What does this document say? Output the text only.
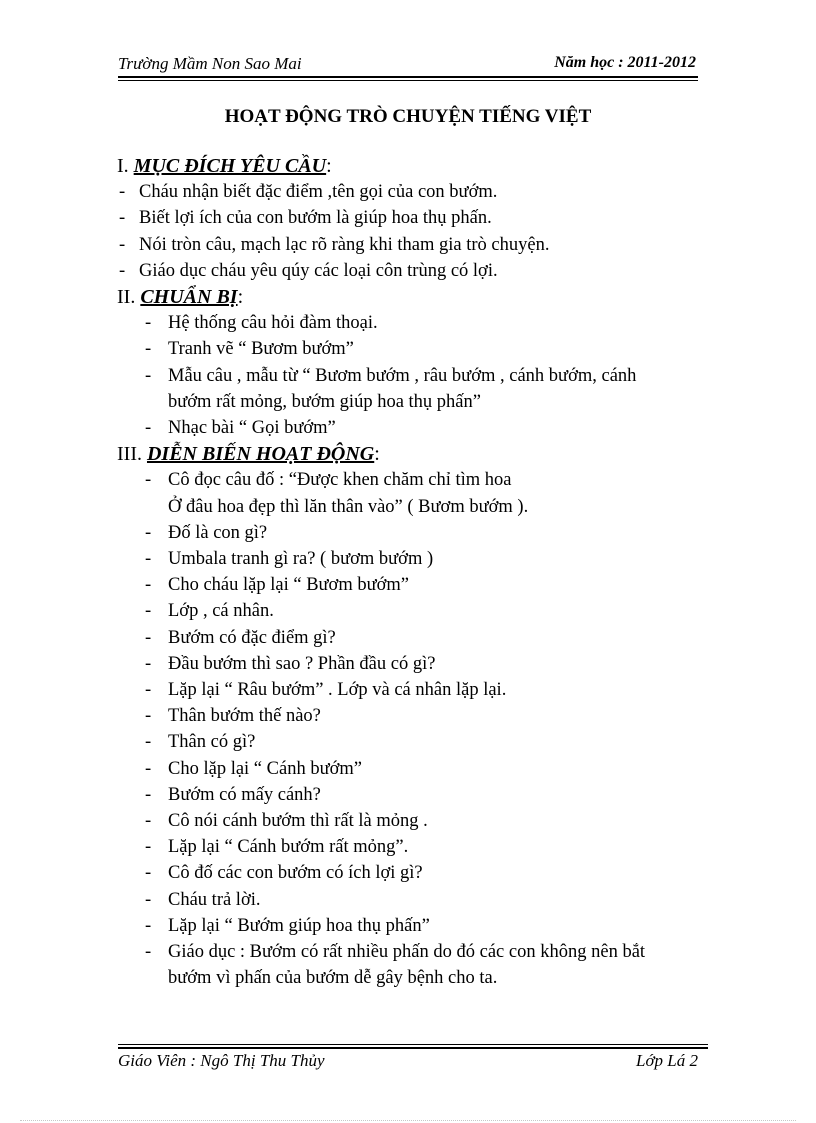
Trường Mầm Non Sao Mai	Năm học : 2011-2012
HOẠT ĐỘNG TRÒ CHUYỆN TIẾNG VIỆT
I. MỤC ĐÍCH YÊU CẦU:
- Cháu nhận biết đặc điểm ,tên gọi của con bướm.
- Biết lợi ích của con bướm là giúp hoa thụ phấn.
- Nói tròn câu, mạch lạc rõ ràng khi tham gia trò chuyện.
- Giáo dục cháu yêu qúy các loại côn trùng có lợi.
II. CHUẨN BỊ:
- Hệ thống câu hỏi đàm thoại.
- Tranh vẽ “ Bươm bướm”
- Mẫu câu , mẫu từ “ Bươm bướm , râu bướm , cánh bướm, cánh
bướm rất mỏng, bướm giúp hoa thụ phấn”
- Nhạc bài “ Gọi bướm”
III. DIỄN BIẾN HOẠT ĐỘNG:
- Cô đọc câu đố : “Được khen chăm chỉ tìm hoa
Ở đâu hoa đẹp thì lăn thân vào” ( Bươm bướm ).
- Đố là con gì?
- Umbala tranh gì ra? ( bươm bướm )
- Cho cháu lặp lại “ Bươm bướm”
- Lớp , cá nhân.
- Bướm có đặc điểm gì?
- Đầu bướm thì sao ? Phần đầu có gì?
- Lặp lại “ Râu bướm” . Lớp và cá nhân lặp lại.
- Thân bướm thế nào?
- Thân có gì?
- Cho lặp lại “ Cánh bướm”
- Bướm có mấy cánh?
- Cô nói cánh bướm thì rất là mỏng .
- Lặp lại “ Cánh bướm rất mỏng”.
- Cô đố các con bướm có ích lợi gì?
- Cháu trả lời.
- Lặp lại “ Bướm giúp hoa thụ phấn”
- Giáo dục : Bướm có rất nhiều phấn do đó các con không nên bắt
bướm vì phấn của bướm dễ gây bệnh cho ta.
Giáo Viên : Ngô Thị Thu Thủy	Lớp Lá 2
